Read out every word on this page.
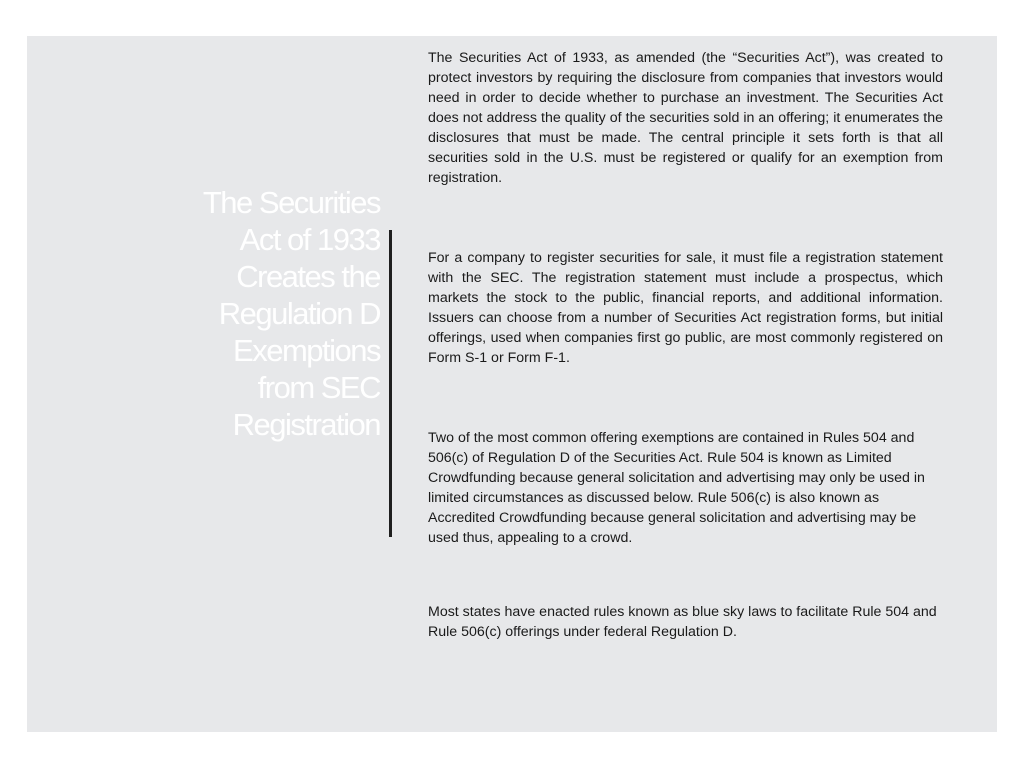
The Securities
Act of 1933
Creates the
Regulation D
Exemptions
from SEC
Registration

The Securities Act of 1933, as amended (the “Securities Act”), was created to protect investors by requiring the disclosure from companies that investors would need in order to decide whether to purchase an investment. The Securities Act does not address the quality of the securities sold in an offering; it enumerates the disclosures that must be made. The central principle it sets forth is that all securities sold in the U.S. must be registered or qualify for an exemption from registration.

For a company to register securities for sale, it must file a registration statement with the SEC. The registration statement must include a prospectus, which markets the stock to the public, financial reports, and additional information. Issuers can choose from a number of Securities Act registration forms, but initial offerings, used when companies first go public, are most commonly registered on Form S-1 or Form F-1.

Two of the most common offering exemptions are contained in Rules 504 and 506(c) of Regulation D of the Securities Act. Rule 504 is known as Limited Crowdfunding because general solicitation and advertising may only be used in limited circumstances as discussed below. Rule 506(c) is also known as Accredited Crowdfunding because general solicitation and advertising may be used thus, appealing to a crowd.

Most states have enacted rules known as blue sky laws to facilitate Rule 504 and Rule 506(c) offerings under federal Regulation D.
